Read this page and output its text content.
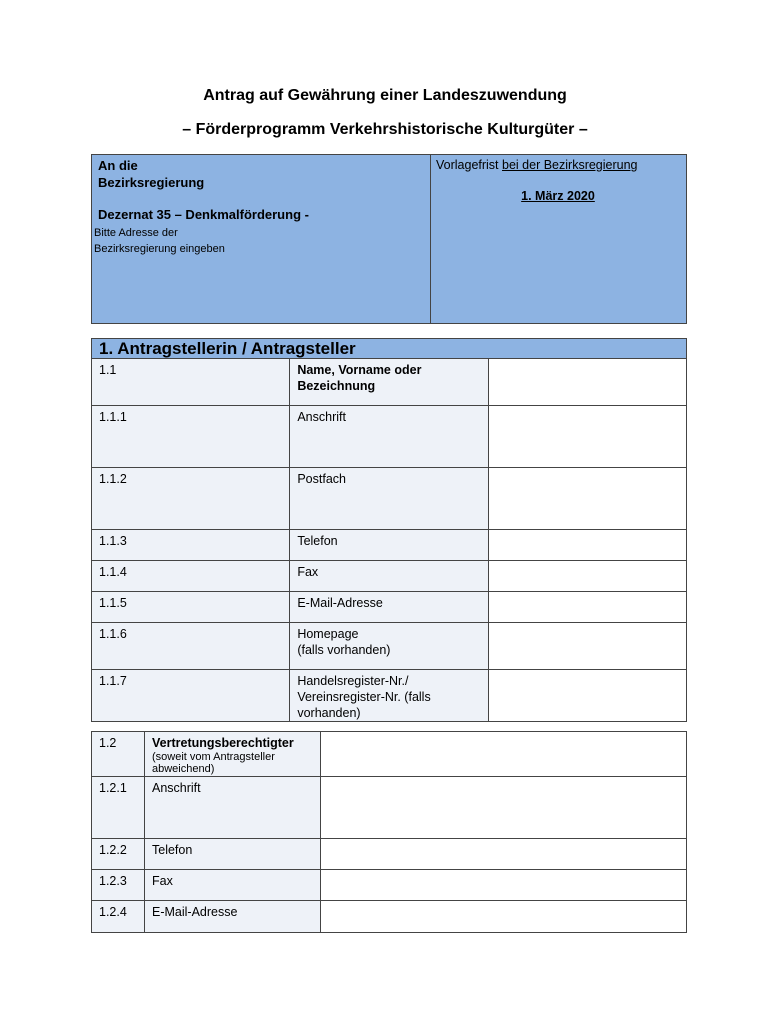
Antrag auf Gewährung einer Landeszuwendung
– Förderprogramm Verkehrshistorische Kulturgüter –
An die
Bezirksregierung
Dezernat 35 – Denkmalförderung -
Bitte Adresse der
Bezirksregierung eingeben
Vorlagefrist bei der Bezirksregierung
1. März 2020
1. Antragstellerin / Antragsteller		
1.1	Name, Vorname oder Bezeichnung	
1.1.1	Anschrift	
1.1.2	Postfach	
1.1.3	Telefon	
1.1.4	Fax	
1.1.5	E-Mail-Adresse	
1.1.6	Homepage
(falls vorhanden)	
1.1.7	Handelsregister-Nr./ Vereinsregister-Nr. (falls vorhanden)	
1.2	Vertretungsberechtigter
(soweit vom Antragsteller abweichend)	

1.2.1	Anschrift	
1.2.2	Telefon	
1.2.3	Fax	
1.2.4	E-Mail-Adresse	
